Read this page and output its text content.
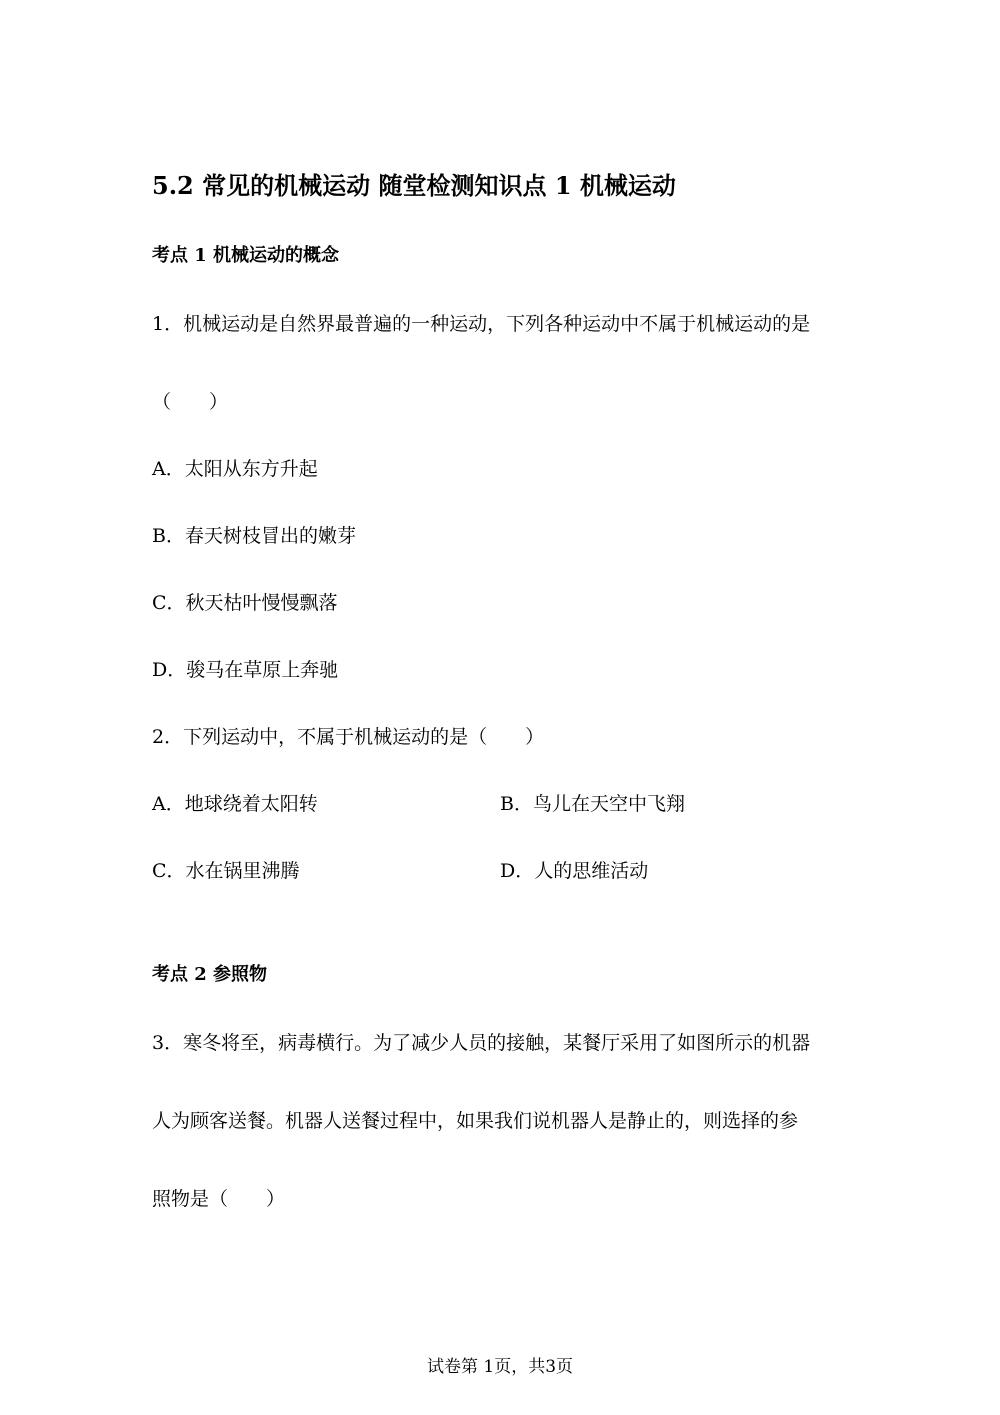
5.2 常见的机械运动 随堂检测知识点 1 机械运动
考点 1 机械运动的概念
1．机械运动是自然界最普遍的一种运动，下列各种运动中不属于机械运动的是
（　　）
A．太阳从东方升起
B．春天树枝冒出的嫩芽
C．秋天枯叶慢慢飘落
D．骏马在草原上奔驰
2．下列运动中，不属于机械运动的是（　　）
A．地球绕着太阳转	B．鸟儿在天空中飞翔
C．水在锅里沸腾	D．人的思维活动
考点 2 参照物
3．寒冬将至，病毒横行。为了减少人员的接触，某餐厅采用了如图所示的机器
人为顾客送餐。机器人送餐过程中，如果我们说机器人是静止的，则选择的参
照物是（　　）
试卷第 1页，共3页
